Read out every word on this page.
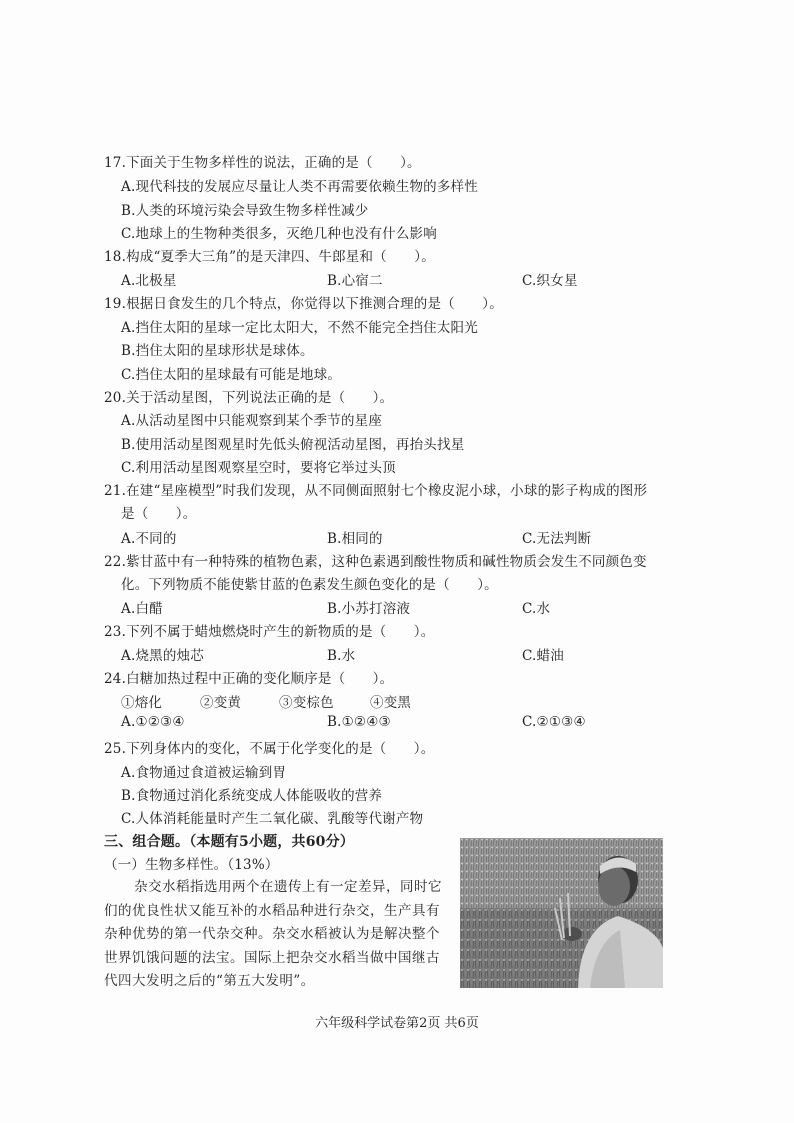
17.下面关于生物多样性的说法，正确的是（　　）。
A.现代科技的发展应尽量让人类不再需要依赖生物的多样性
B.人类的环境污染会导致生物多样性减少
C.地球上的生物种类很多，灭绝几种也没有什么影响
18.构成“夏季大三角”的是天津四、牛郎星和（　　）。
A.北极星	B.心宿二	C.织女星
19.根据日食发生的几个特点，你觉得以下推测合理的是（　　）。
A.挡住太阳的星球一定比太阳大，不然不能完全挡住太阳光
B.挡住太阳的星球形状是球体。
C.挡住太阳的星球最有可能是地球。
20.关于活动星图，下列说法正确的是（　　）。
A.从活动星图中只能观察到某个季节的星座
B.使用活动星图观星时先低头俯视活动星图，再抬头找星
C.利用活动星图观察星空时，要将它举过头顶
21.在建“星座模型”时我们发现，从不同侧面照射七个橡皮泥小球，小球的影子构成的图形
是（　　）。
A.不同的	B.相同的	C.无法判断
22.紫甘蓝中有一种特殊的植物色素，这种色素遇到酸性物质和碱性物质会发生不同颜色变
化。下列物质不能使紫甘蓝的色素发生颜色变化的是（　　）。
A.白醋	B.小苏打溶液	C.水
23.下列不属于蜡烛燃烧时产生的新物质的是（　　）。
A.烧黑的烛芯	B.水	C.蜡油
24.白糖加热过程中正确的变化顺序是（　　）。
①熔化	②变黄	③变棕色	④变黑
A.①②③④	B.①②④③	C.②①③④
25.下列身体内的变化，不属于化学变化的是（　　）。
A.食物通过食道被运输到胃
B.食物通过消化系统变成人体能吸收的营养
C.人体消耗能量时产生二氧化碳、乳酸等代谢产物
三、组合题。（本题有5小题，共60分）
（一）生物多样性。（13%）
杂交水稻指选用两个在遗传上有一定差异，同时它们的优良性状又能互补的水稻品种进行杂交，生产具有杂种优势的第一代杂交种。杂交水稻被认为是解决整个世界饥饿问题的法宝。国际上把杂交水稻当做中国继古代四大发明之后的“第五大发明”。
六年级科学试卷第2页 共6页
